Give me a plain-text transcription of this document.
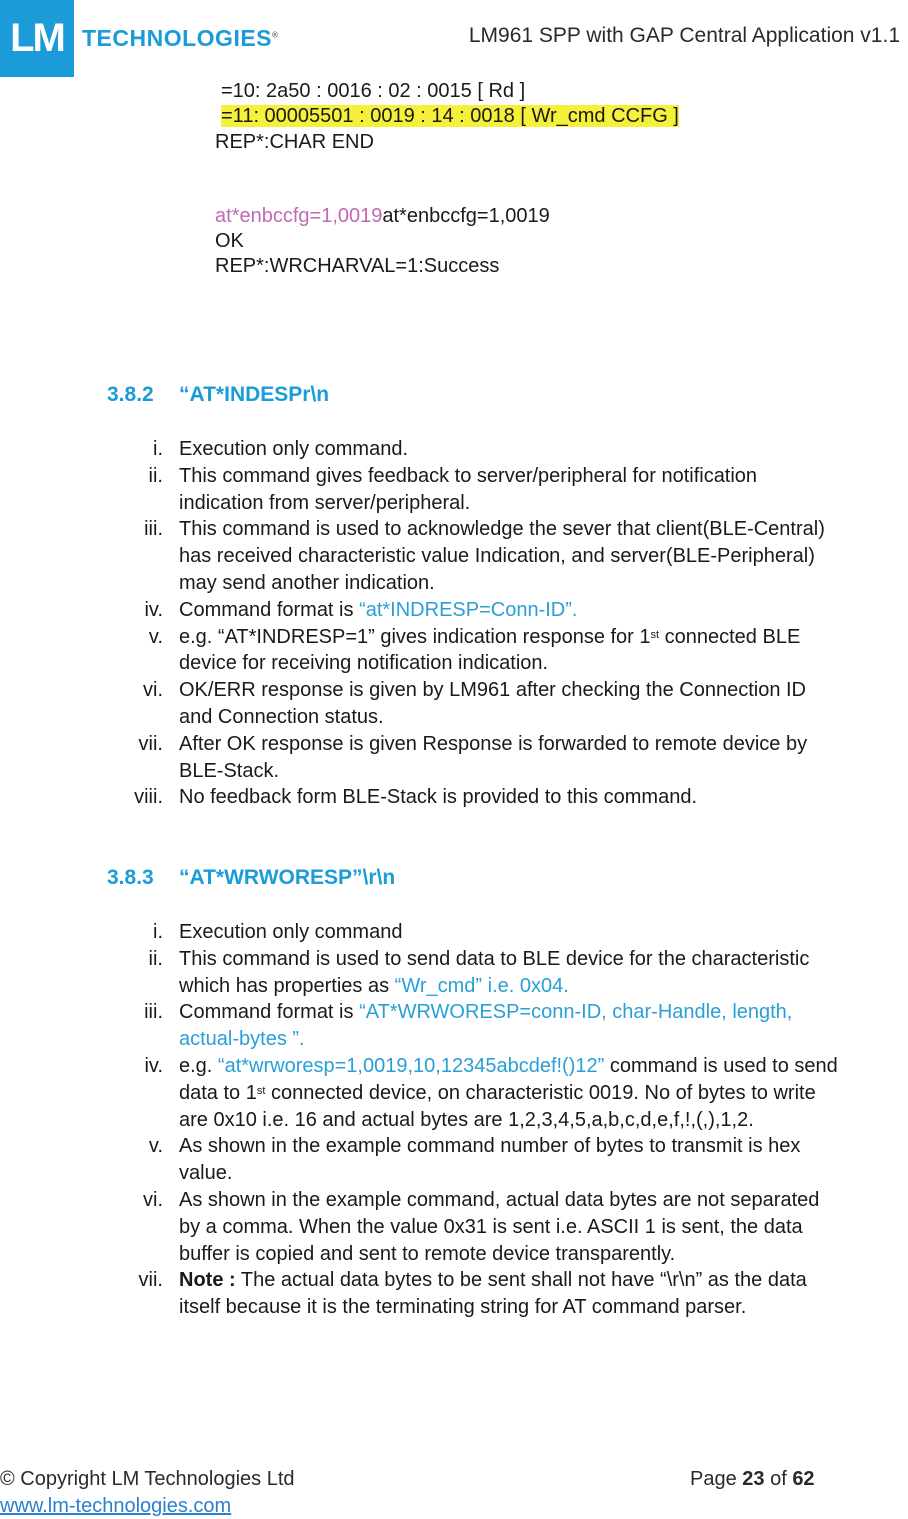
LM TECHNOLOGIES®	LM961 SPP with GAP Central Application v1.1
=10: 2a50 : 0016 : 02 : 0015 [ Rd ]
=11: 00005501 : 0019 : 14 : 0018 [ Wr_cmd CCFG ]
REP*:CHAR END
at*enbccfg=1,0019at*enbccfg=1,0019
OK
REP*:WRCHARVAL=1:Success
3.8.2 “AT*INDESPr\n
i. Execution only command.
ii. This command gives feedback to server/peripheral for notification indication from server/peripheral.
iii. This command is used to acknowledge the sever that client(BLE-Central) has received characteristic value Indication, and server(BLE-Peripheral) may send another indication.
iv. Command format is “at*INDRESP=Conn-ID”.
v. e.g. “AT*INDRESP=1” gives indication response for 1st connected BLE device for receiving notification indication.
vi. OK/ERR response is given by LM961 after checking the Connection ID and Connection status.
vii. After OK response is given Response is forwarded to remote device by BLE-Stack.
viii. No feedback form BLE-Stack is provided to this command.
3.8.3 “AT*WRWORESP”\r\n
i. Execution only command
ii. This command is used to send data to BLE device for the characteristic which has properties as “Wr_cmd” i.e. 0x04.
iii. Command format is “AT*WRWORESP=conn-ID, char-Handle, length, actual-bytes ”.
iv. e.g. “at*wrworesp=1,0019,10,12345abcdef!()12” command is used to send data to 1st connected device, on characteristic 0019. No of bytes to write are 0x10 i.e. 16 and actual bytes are 1,2,3,4,5,a,b,c,d,e,f,!,(,),1,2.
v. As shown in the example command number of bytes to transmit is hex value.
vi. As shown in the example command, actual data bytes are not separated by a comma. When the value 0x31 is sent i.e. ASCII 1 is sent, the data buffer is copied and sent to remote device transparently.
vii. Note : The actual data bytes to be sent shall not have “\r\n” as the data itself because it is the terminating string for AT command parser.
© Copyright LM Technologies Ltd
www.lm-technologies.com
Page 23 of 62
